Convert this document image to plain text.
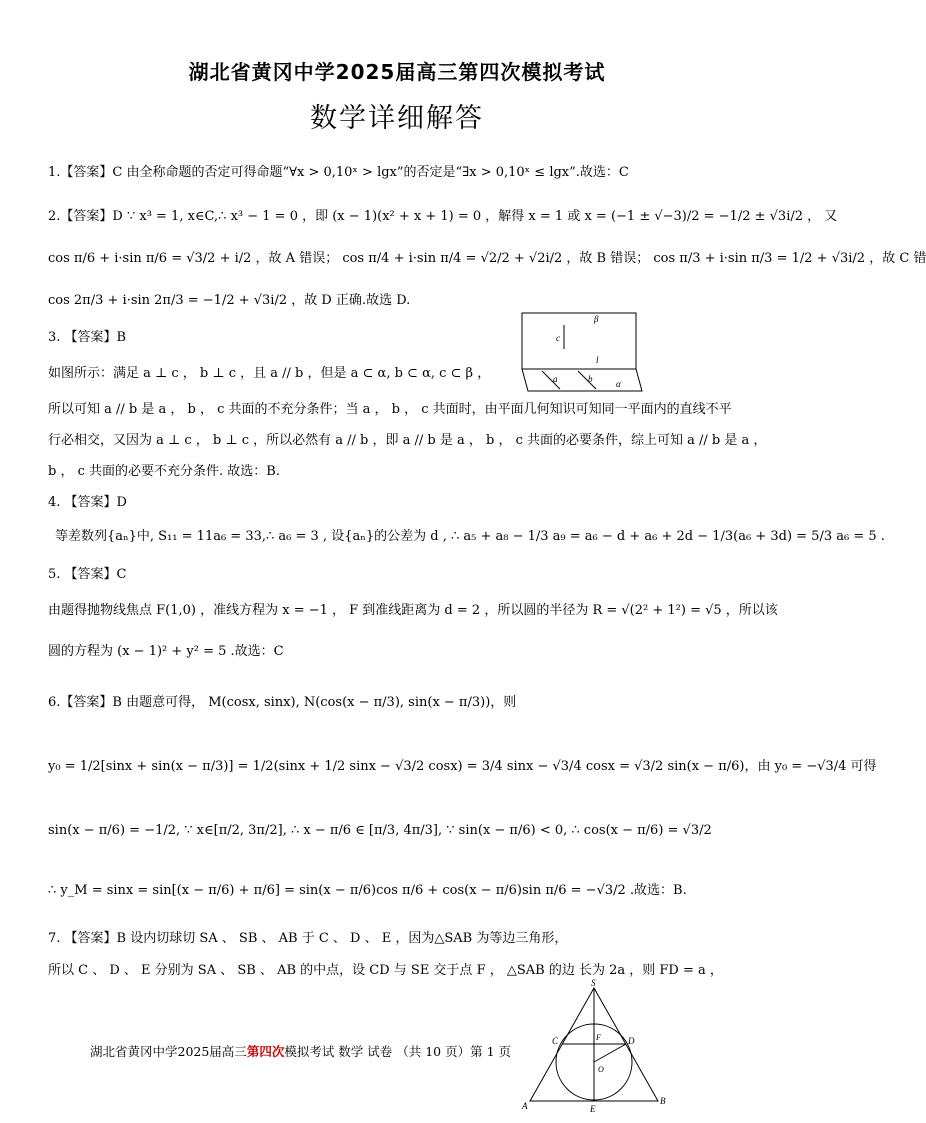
湖北省黄冈中学2025届高三第四次模拟考试
数学详细解答
1.【答案】C 由全称命题的否定可得命题“∀x > 0,10ˣ > lgx”的否定是“∃x > 0,10ˣ ≤ lgx”.故选：C
2.【答案】D ∵ x³ = 1, x∈C,∴ x³ − 1 = 0 ，即 (x − 1)(x² + x + 1) = 0 ，解得 x = 1 或 x = (−1 ± √−3)/2 = −1/2 ± √3i/2 ， 又
cos π/6 + i·sin π/6 = √3/2 + i/2 ，故 A 错误； cos π/4 + i·sin π/4 = √2/2 + √2i/2 ，故 B 错误； cos π/3 + i·sin π/3 = 1/2 + √3i/2 ，故 C 错
cos 2π/3 + i·sin 2π/3 = −1/2 + √3i/2 ，故 D 正确.故选 D.
3. 【答案】B
如图所示：满足 a ⊥ c ， b ⊥ c ，且 a // b ，但是 a ⊂ α, b ⊂ α, c ⊂ β ，
所以可知 a // b 是 a ， b ， c 共面的不充分条件；当 a ， b ， c 共面时，由平面几何知识可知同一平面内的直线不平
行必相交，又因为 a ⊥ c ， b ⊥ c ，所以必然有 a // b ，即 a // b 是 a ， b ， c 共面的必要条件，综上可知 a // b 是 a ，
b ， c 共面的必要不充分条件. 故选：B.
β
c
l
a	b	α
4. 【答案】D
等差数列{aₙ}中, S₁₁ = 11a₆ = 33,∴ a₆ = 3 , 设{aₙ}的公差为 d , ∴ a₅ + a₈ − 1/3 a₉ = a₆ − d + a₆ + 2d − 1/3(a₆ + 3d) = 5/3 a₆ = 5 .
5. 【答案】C
由题得抛物线焦点 F(1,0) ，准线方程为 x = −1 ， F 到准线距离为 d = 2 ，所以圆的半径为 R = √(2² + 1²) = √5 ，所以该
圆的方程为 (x − 1)² + y² = 5 .故选：C
6.【答案】B 由题意可得， M(cosx, sinx), N(cos(x − π/3), sin(x − π/3))，则
y₀ = 1/2[sinx + sin(x − π/3)] = 1/2(sinx + 1/2 sinx − √3/2 cosx) = 3/4 sinx − √3/4 cosx = √3/2 sin(x − π/6)，由 y₀ = −√3/4 可得
sin(x − π/6) = −1/2, ∵ x∈[π/2, 3π/2], ∴ x − π/6 ∈ [π/3, 4π/3], ∵ sin(x − π/6) < 0, ∴ cos(x − π/6) = √3/2
∴ y_M = sinx = sin[(x − π/6) + π/6] = sin(x − π/6)cos π/6 + cos(x − π/6)sin π/6 = −√3/2 .故选：B.
7. 【答案】B 设内切球切 SA 、 SB 、 AB 于 C 、 D 、 E ，因为△SAB 为等边三角形，
所以 C 、 D 、 E 分别为 SA 、 SB 、 AB 的中点，设 CD 与 SE 交于点 F ， △SAB 的边 长为 2a ，则 FD = a ，
S
C	D
F
O
A	E
B
湖北省黄冈中学2025届高三第四次模拟考试 数学 试卷 （共 10 页）第 1 页
